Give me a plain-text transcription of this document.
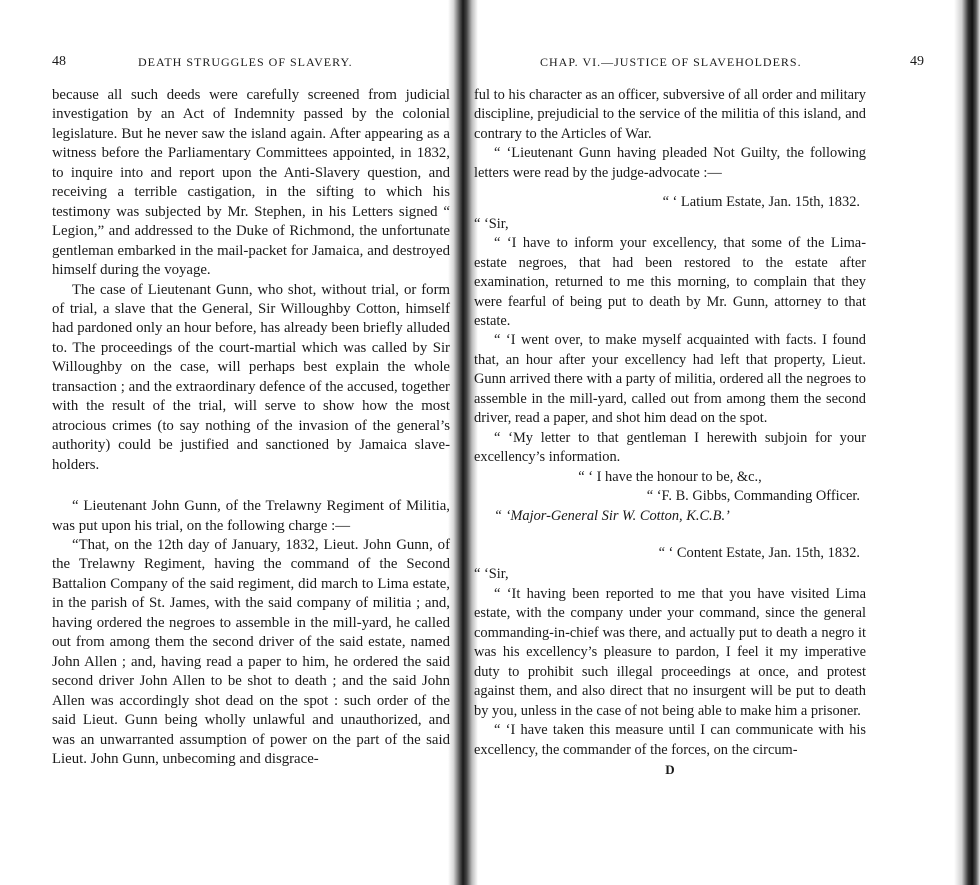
48	DEATH STRUGGLES OF SLAVERY.

because all such deeds were carefully screened from judicial investigation by an Act of Indemnity passed by the colonial legislature. But he never saw the island again. After appearing as a witness before the Parliamentary Committees appointed, in 1832, to inquire into and report upon the Anti-Slavery question, and receiving a terrible castigation, in the sifting to which his testimony was subjected by Mr. Stephen, in his Letters signed “ Legion,” and addressed to the Duke of Richmond, the unfortunate gentleman embarked in the mail-packet for Jamaica, and destroyed himself during the voyage.

The case of Lieutenant Gunn, who shot, without trial, or form of trial, a slave that the General, Sir Willoughby Cotton, himself had pardoned only an hour before, has already been briefly alluded to. The proceedings of the court-martial which was called by Sir Willoughby on the case, will perhaps best explain the whole transaction ; and the extraordinary defence of the accused, together with the result of the trial, will serve to show how the most atrocious crimes (to say nothing of the invasion of the general’s authority) could be justified and sanctioned by Jamaica slave-holders.

“ Lieutenant John Gunn, of the Trelawny Regiment of Militia, was put upon his trial, on the following charge :—

“That, on the 12th day of January, 1832, Lieut. John Gunn, of the Trelawny Regiment, having the command of the Second Battalion Company of the said regiment, did march to Lima estate, in the parish of St. James, with the said company of militia ; and, having ordered the negroes to assemble in the mill-yard, he called out from among them the second driver of the said estate, named John Allen ; and, having read a paper to him, he ordered the said second driver John Allen to be shot to death ; and the said John Allen was accordingly shot dead on the spot : such order of the said Lieut. Gunn being wholly unlawful and unauthorized, and was an unwarranted assumption of power on the part of the said Lieut. John Gunn, unbecoming and disgrace-

CHAP. VI.—JUSTICE OF SLAVEHOLDERS.	49

ful to his character as an officer, subversive of all order and military discipline, prejudicial to the service of the militia of this island, and contrary to the Articles of War.

“ ‘Lieutenant Gunn having pleaded Not Guilty, the following letters were read by the judge-advocate :—

“ ‘ Latium Estate, Jan. 15th, 1832.

“ ‘Sir,

“ ‘I have to inform your excellency, that some of the Lima-estate negroes, that had been restored to the estate after examination, returned to me this morning, to complain that they were fearful of being put to death by Mr. Gunn, attorney to that estate.

“ ‘I went over, to make myself acquainted with facts. I found that, an hour after your excellency had left that property, Lieut. Gunn arrived there with a party of militia, ordered all the negroes to assemble in the mill-yard, called out from among them the second driver, read a paper, and shot him dead on the spot.

“ ‘My letter to that gentleman I herewith subjoin for your excellency’s information.

“ ‘ I have the honour to be, &c.,

“ ‘F. B. Gibbs, Commanding Officer.

“ ‘Major-General Sir W. Cotton, K.C.B.’

“ ‘ Content Estate, Jan. 15th, 1832.

“ ‘Sir,

“ ‘It having been reported to me that you have visited Lima estate, with the company under your command, since the general commanding-in-chief was there, and actually put to death a negro it was his excellency’s pleasure to pardon, I feel it my imperative duty to prohibit such illegal proceedings at once, and protest against them, and also direct that no insurgent will be put to death by you, unless in the case of not being able to make him a prisoner.

“ ‘I have taken this measure until I can communicate with his excellency, the commander of the forces, on the circum-

D
